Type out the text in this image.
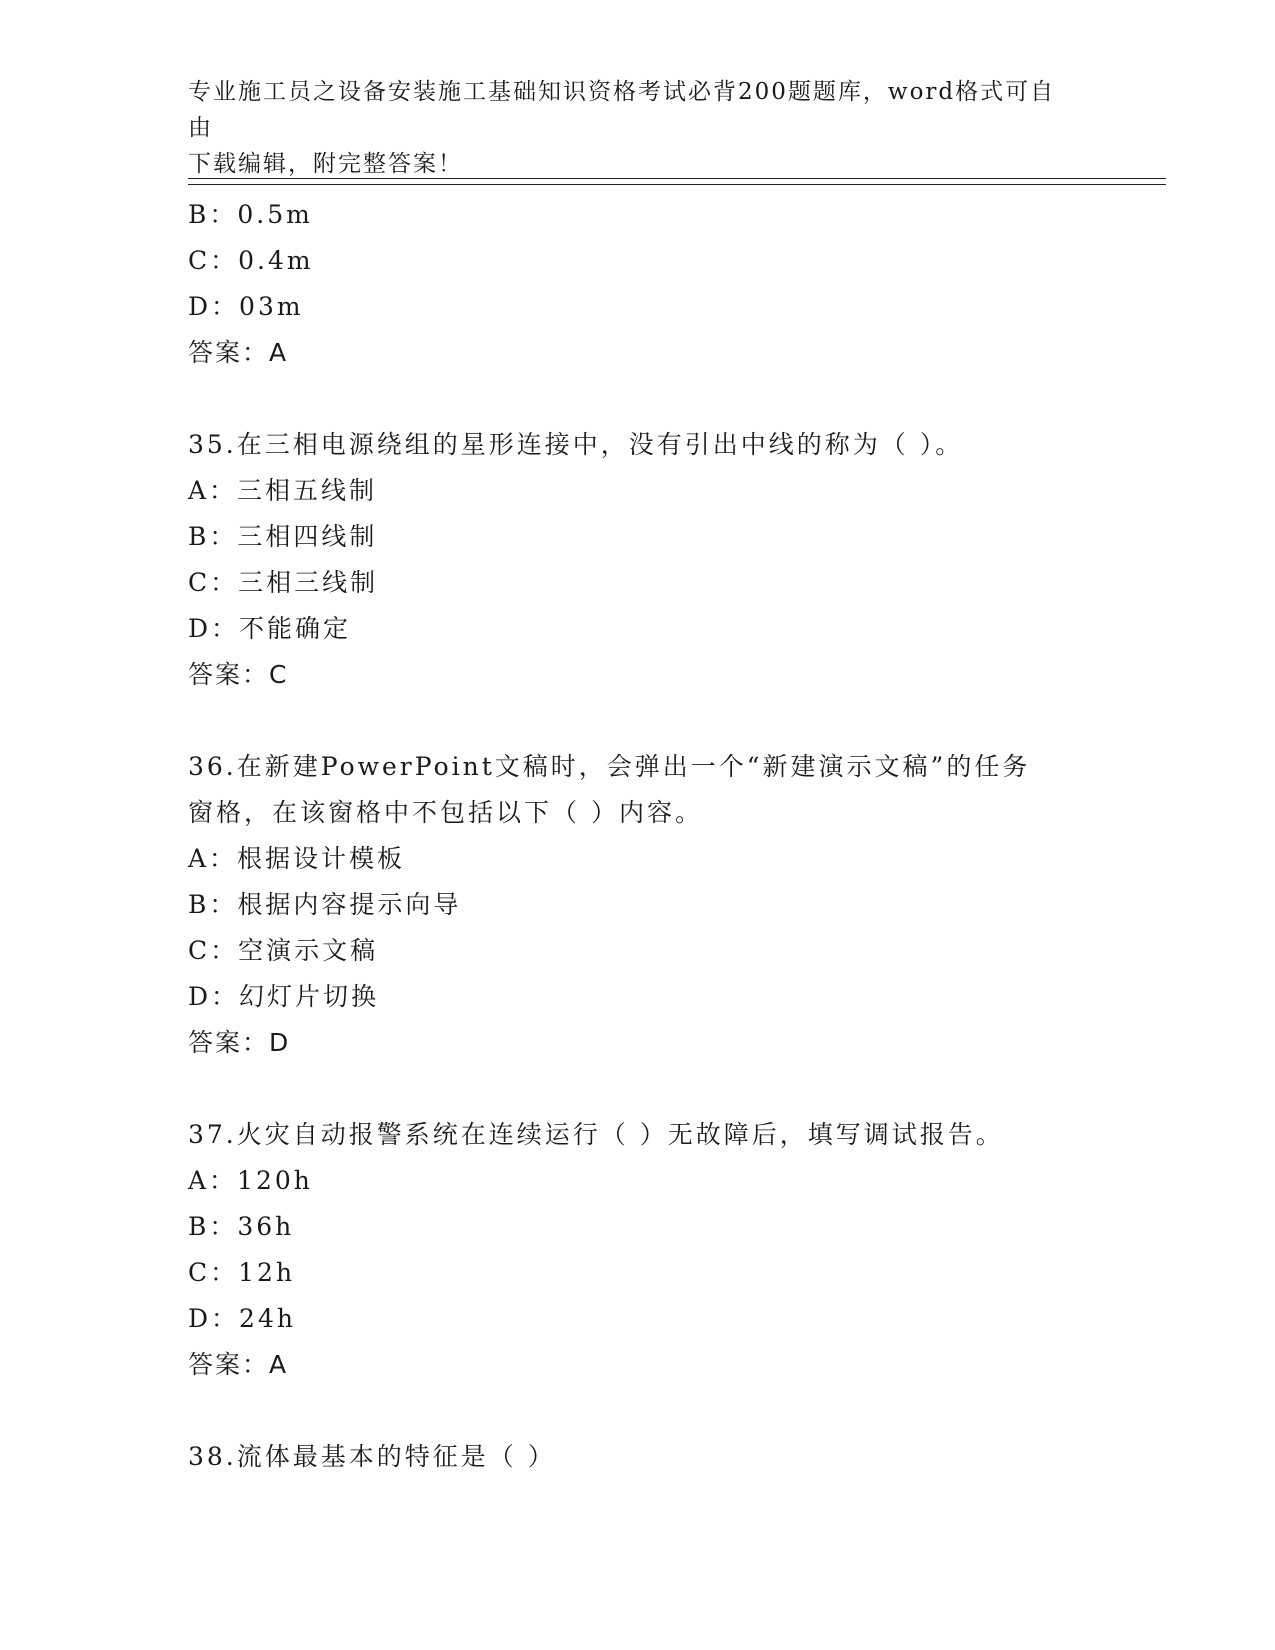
专业施工员之设备安装施工基础知识资格考试必背200题题库，word格式可自由
下载编辑，附完整答案！
B：0.5m
C：0.4m
D：03m
答案：A
35.在三相电源绕组的星形连接中，没有引出中线的称为（ ）。
A：三相五线制
B：三相四线制
C：三相三线制
D：不能确定
答案：C
36.在新建PowerPoint文稿时，会弹出一个“新建演示文稿”的任务
窗格，在该窗格中不包括以下（ ）内容。
A：根据设计模板
B：根据内容提示向导
C：空演示文稿
D：幻灯片切换
答案：D
37.火灾自动报警系统在连续运行（ ）无故障后，填写调试报告。
A：120h
B：36h
C：12h
D：24h
答案：A
38.流体最基本的特征是（ ）
